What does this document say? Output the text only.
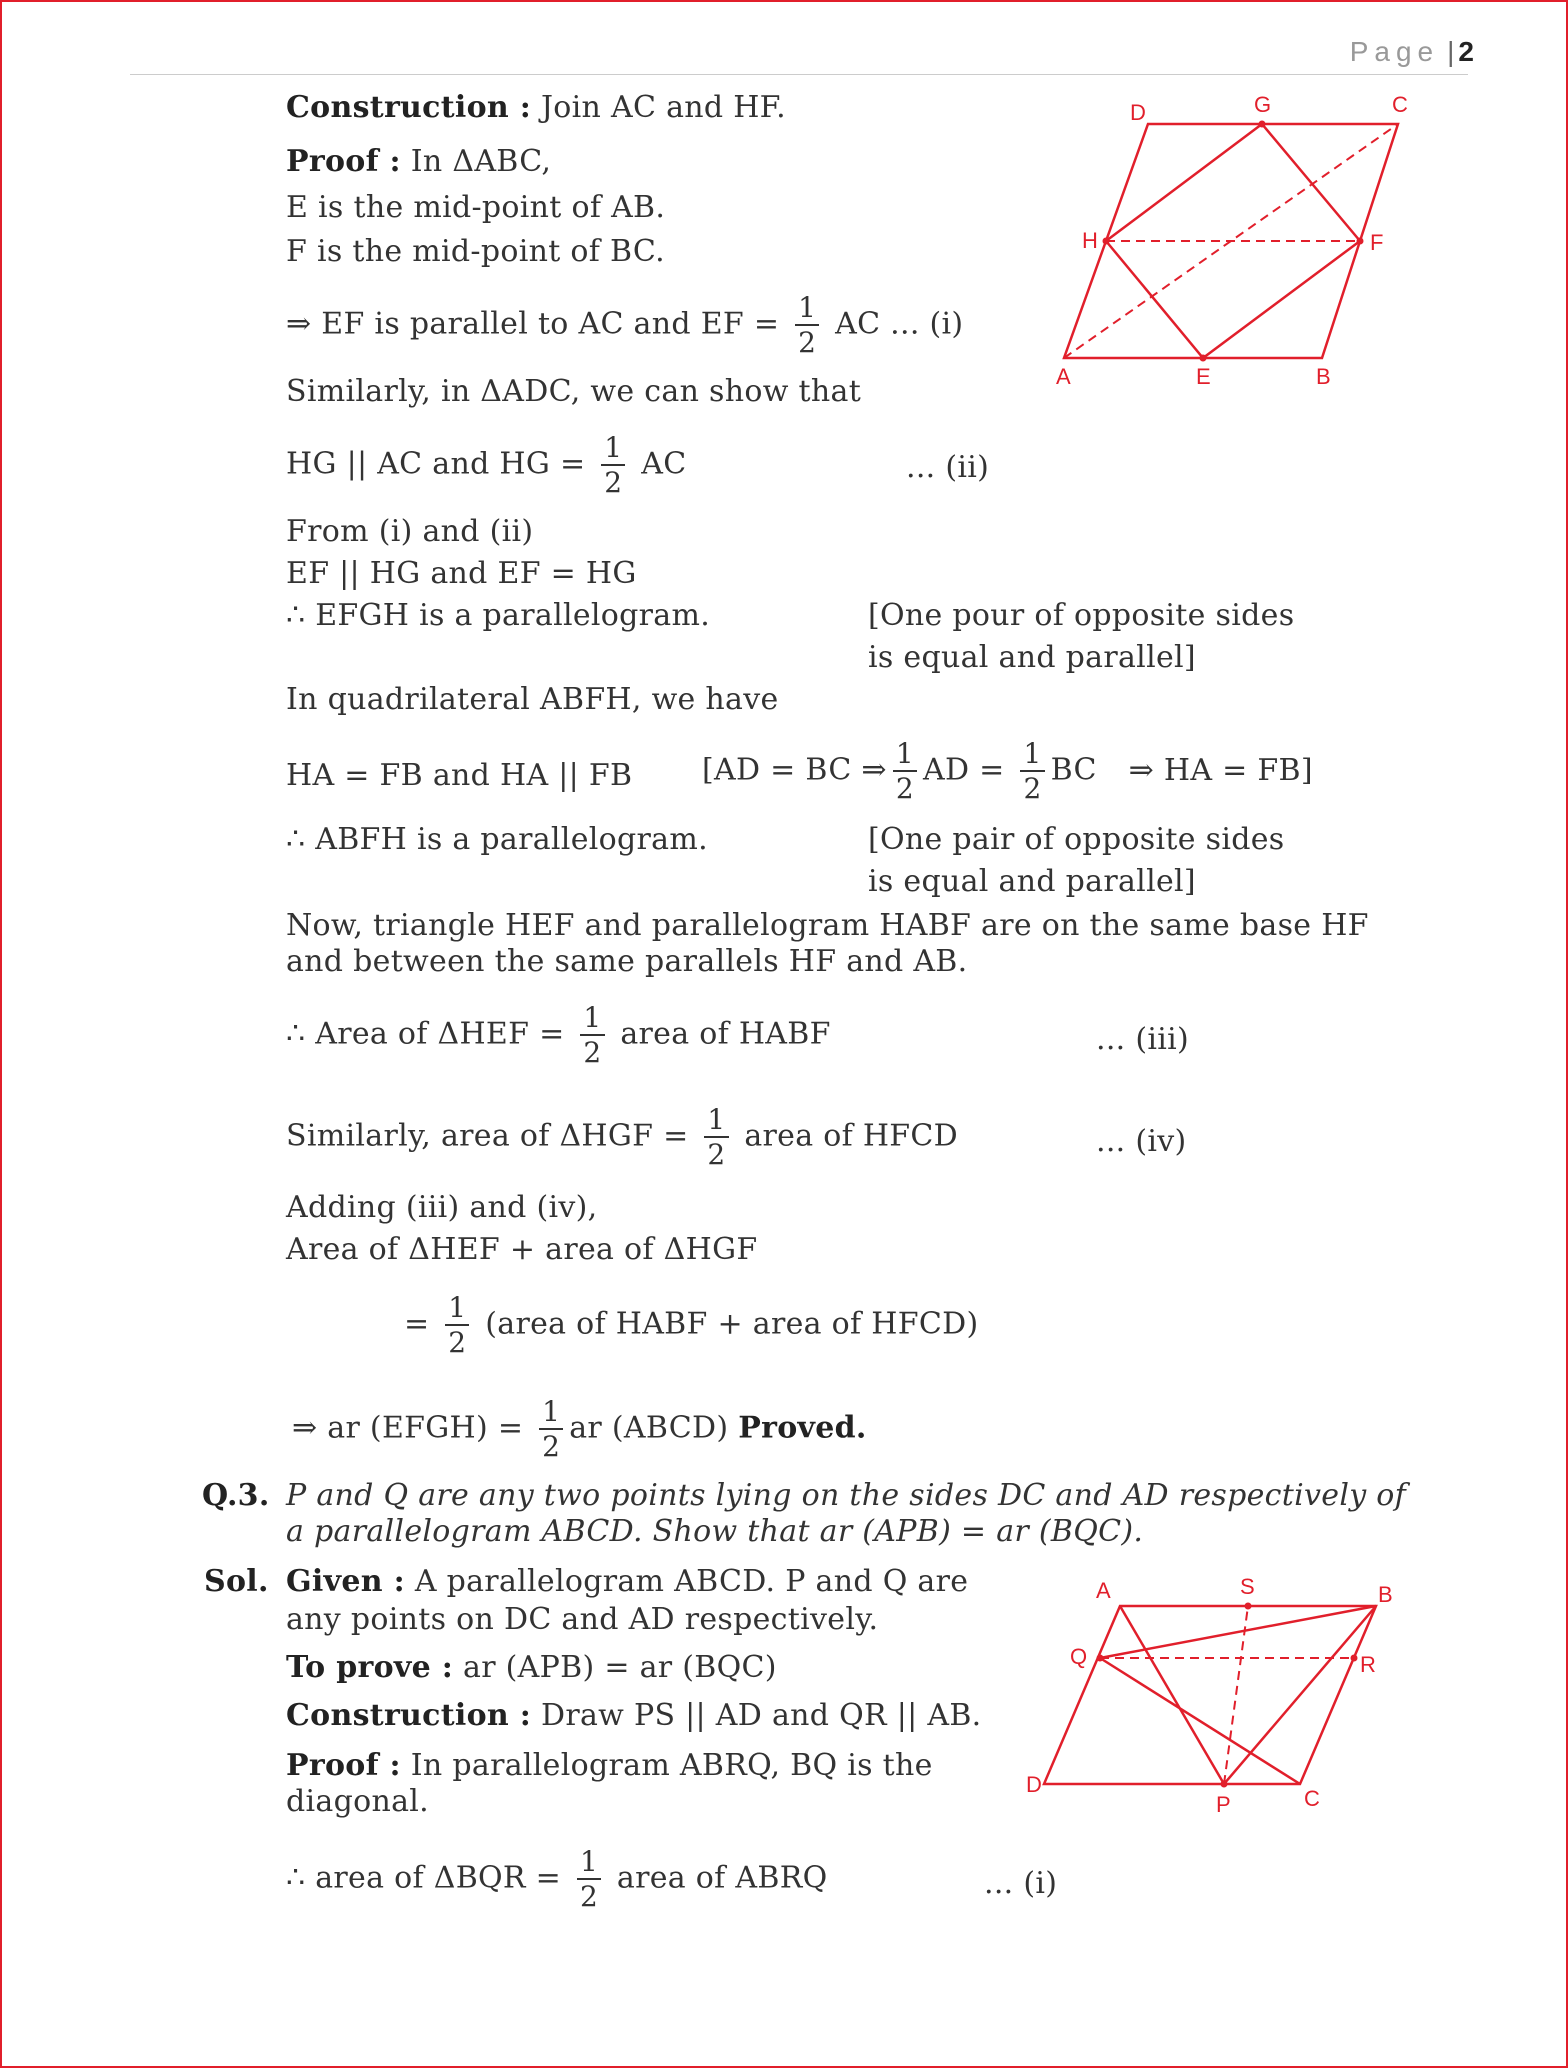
Page | 2
Construction : Join AC and HF.
Proof : In ΔABC,
E is the mid-point of AB.
F is the mid-point of BC.
⇒ EF is parallel to AC and EF = $\frac{1}{2}$ AC ... (i)
Similarly, in ΔADC, we can show that
HG || AC and HG = $\frac{1}{2}$ AC	... (ii)
From (i) and (ii)
EF || HG and EF = HG
∴ EFGH is a parallelogram.	[One pour of opposite sides
is equal and parallel]
In quadrilateral ABFH, we have
HA = FB and HA || FB [AD = BC ⇒ $\frac{1}{2}$ AD = $\frac{1}{2}$ BC ⇒ HA = FB]
∴ ABFH is a parallelogram.	[One pair of opposite sides
is equal and parallel]
Now, triangle HEF and parallelogram HABF are on the same base HF
and between the same parallels HF and AB.
∴ Area of $\Delta HEF = \frac{1}{2}$ area of HABF	... (iii)
Similarly, area of $\Delta HGF = \frac{1}{2}$ area of HFCD	... (iv)
Adding (iii) and (iv),
Area of ΔHEF + area of ΔHGF
= $\frac{1}{2}$ (area of HABF + area of HFCD)
⇒ ar (EFGH) = $\frac{1}{2}$ ar (ABCD) Proved.
Q.3. P and Q are any two points lying on the sides DC and AD respectively of
a parallelogram ABCD. Show that ar (APB) = ar (BQC).
Sol. Given : A parallelogram ABCD. P and Q are
any points on DC and AD respectively.
To prove : ar (APB) = ar (BQC)
Construction : Draw PS || AD and QR || AB.
Proof : In parallelogram ABRQ, BQ is the
diagonal.
∴ area of $\Delta BQR = \frac{1}{2}$ area of ABRQ	... (i)
D	G	C
H	F
A	E	B
A	S	B
Q	R
D
P	C
